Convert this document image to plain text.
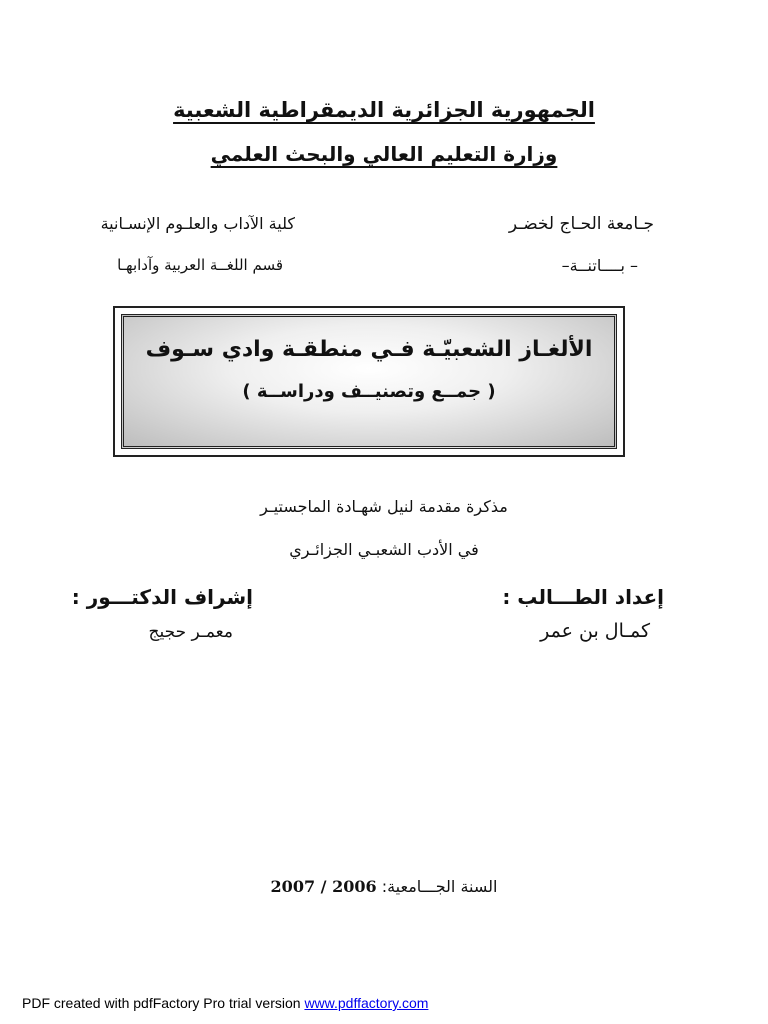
الجمهورية الجزائرية الديمقراطية الشعبية
وزارة التعليم العالي والبحث العلمي
جـامعة الحـاج لخضـر
– بــــاتنــة–
كلية الآداب والعلـوم الإنسـانية
قسم اللغــة العربية وآدابهـا
الألغـاز الشعبيّـة فـي منطقـة وادي سـوف
( جمــع وتصنيــف ودراســة )
مذكرة مقدمة لنيل شهـادة الماجستيـر
في الأدب الشعبـي الجزائـري
إعداد الطـــالب :
كمـال بن عمر
إشراف الدكتـــور :
معمـر حجيج
2007 / 2006 السنة الجـــامعية:
PDF created with pdfFactory Pro trial version www.pdffactory.com
